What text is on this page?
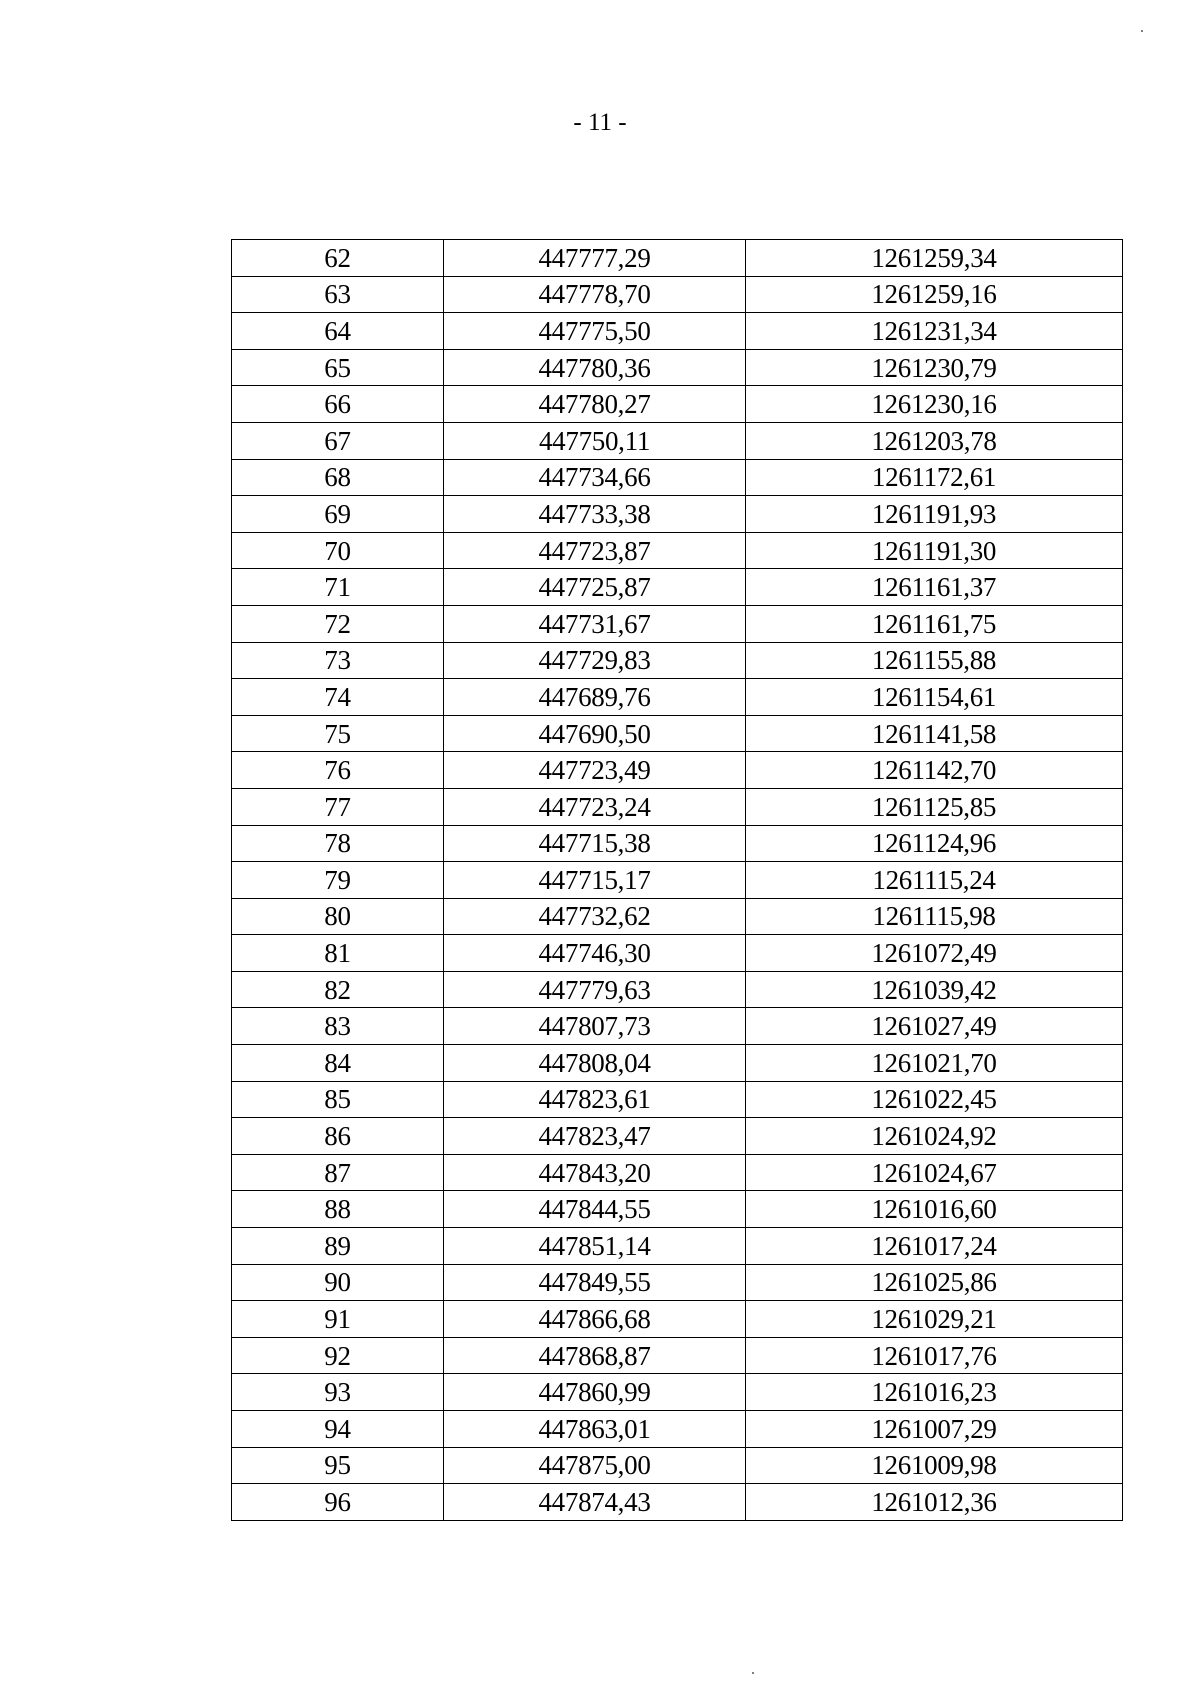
- 11 -
62	447777,29	1261259,34
63	447778,70	1261259,16
64	447775,50	1261231,34
65	447780,36	1261230,79
66	447780,27	1261230,16
67	447750,11	1261203,78
68	447734,66	1261172,61
69	447733,38	1261191,93
70	447723,87	1261191,30
71	447725,87	1261161,37
72	447731,67	1261161,75
73	447729,83	1261155,88
74	447689,76	1261154,61
75	447690,50	1261141,58
76	447723,49	1261142,70
77	447723,24	1261125,85
78	447715,38	1261124,96
79	447715,17	1261115,24
80	447732,62	1261115,98
81	447746,30	1261072,49
82	447779,63	1261039,42
83	447807,73	1261027,49
84	447808,04	1261021,70
85	447823,61	1261022,45
86	447823,47	1261024,92
87	447843,20	1261024,67
88	447844,55	1261016,60
89	447851,14	1261017,24
90	447849,55	1261025,86
91	447866,68	1261029,21
92	447868,87	1261017,76
93	447860,99	1261016,23
94	447863,01	1261007,29
95	447875,00	1261009,98
96	447874,43	1261012,36
